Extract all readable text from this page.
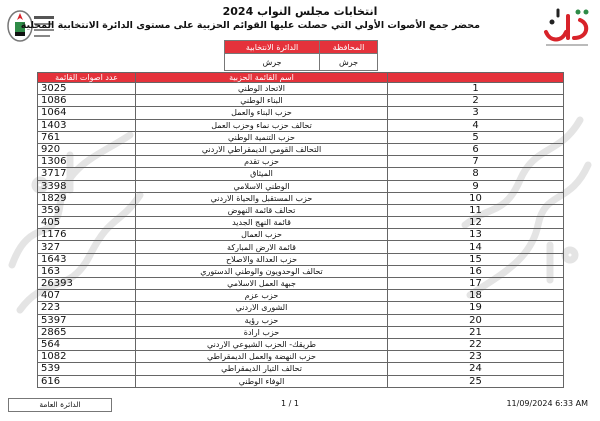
انتخابات مجلس النواب 2024
محضر جمع الأصوات الأولي التي حصلت عليها القوائم الحزبية على مستوى الدائرة الانتخابية المحلية
الدائرة الانتخابية	المحافظة
جرش	جرش
عدد اصوات القائمة	اسم القائمة الحزبية	
3025	الاتحاد الوطني	1
1086	البناء الوطني	2
1064	حزب البناء والعمل	3
1403	تحالف حزب نماء وحزب العمل	4
761	حزب التنمية الوطني	5
920	التحالف القومي الديمقراطي الاردني	6
1306	حزب تقدم	7
3717	الميثاق	8
3398	الوطني الاسلامي	9
1829	حزب المستقبل والحياة الاردني	10
359	تحالف قائمة النهوض	11
405	قائمة النهج الجديد	12
1176	حزب العمال	13
327	قائمة الارض المباركة	14
1643	حزب العدالة والاصلاح	15
163	تحالف الوحدويون والوطني الدستوري	16
26393	جبهة العمل الاسلامي	17
407	حزب عزم	18
223	الشورى الاردني	19
5397	حزب رؤية	20
2865	حزب ارادة	21
564	طريقك- الحزب الشيوعي الاردني	22
1082	حزب النهضة والعمل الديمقراطي	23
539	تحالف التيار الديمقراطي	24
616	الوفاء الوطني	25
الدائرة العامة	1 / 1	11/09/2024 6:33 AM
